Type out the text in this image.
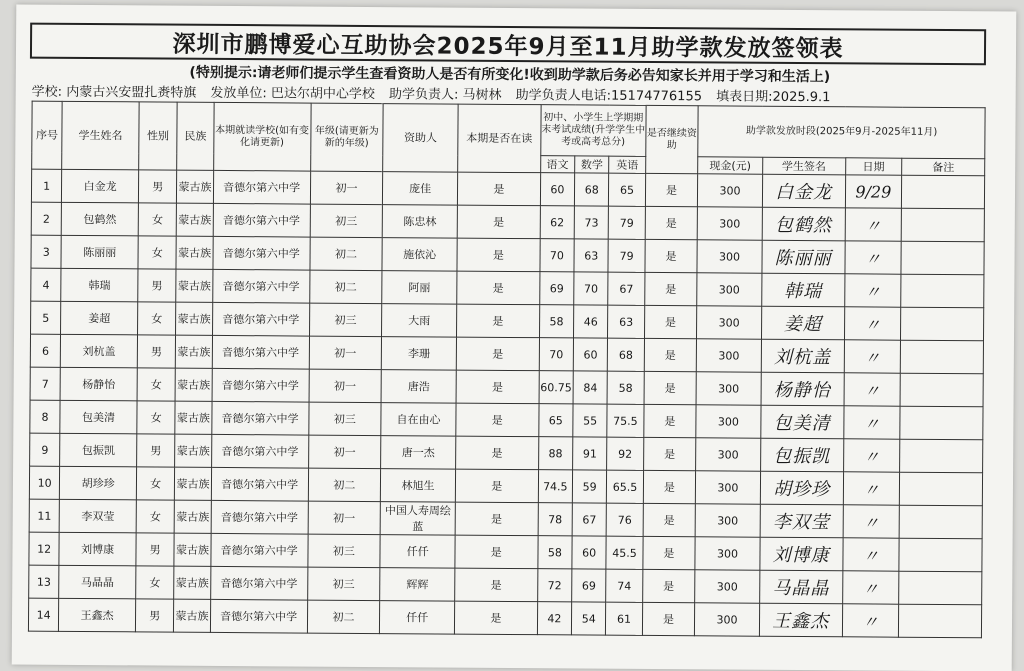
深圳市鹏博爱心互助协会2025年9月至11月助学款发放签领表
(特别提示:请老师们提示学生查看资助人是否有所变化!收到助学款后务必告知家长并用于学习和生活上)
学校: 内蒙古兴安盟扎赉特旗 发放单位: 巴达尔胡中心学校 助学负责人: 马树林 助学负责人电话:15174776155 填表日期:2025.9.1
序号	学生姓名	性别	民族	本期就读学校(如有变化请更新)	年级(请更新为新的年级)	资助人	本期是否在读	初中、小学生上学期期末考试成绩(升学学生中考或高考总分)			是否继续资助	助学款发放时段(2025年9月-2025年11月)			
								语文	数学	英语		现金(元)	学生签名	日期	备注
1	白金龙	男	蒙古族	音德尔第六中学	初一	庞佳	是	60	68	65	是	300	白金龙	9/29	
2	包鹤然	女	蒙古族	音德尔第六中学	初三	陈忠林	是	62	73	79	是	300	包鹤然	〃	
3	陈丽丽	女	蒙古族	音德尔第六中学	初二	施依沁	是	70	63	79	是	300	陈丽丽	〃	
4	韩瑞	男	蒙古族	音德尔第六中学	初二	阿丽	是	69	70	67	是	300	韩瑞	〃	
5	姜超	女	蒙古族	音德尔第六中学	初三	大雨	是	58	46	63	是	300	姜超	〃	
6	刘杭盖	男	蒙古族	音德尔第六中学	初一	李珊	是	70	60	68	是	300	刘杭盖	〃	
7	杨静怡	女	蒙古族	音德尔第六中学	初一	唐浩	是	60.75	84	58	是	300	杨静怡	〃	
8	包美清	女	蒙古族	音德尔第六中学	初三	自在由心	是	65	55	75.5	是	300	包美清	〃	
9	包振凯	男	蒙古族	音德尔第六中学	初一	唐一杰	是	88	91	92	是	300	包振凯	〃	
10	胡珍珍	女	蒙古族	音德尔第六中学	初二	林旭生	是	74.5	59	65.5	是	300	胡珍珍	〃	
11	李双莹	女	蒙古族	音德尔第六中学	初一	中国人寿周绘蓝	是	78	67	76	是	300	李双莹	〃	
12	刘博康	男	蒙古族	音德尔第六中学	初三	仟仟	是	58	60	45.5	是	300	刘博康	〃	
13	马晶晶	女	蒙古族	音德尔第六中学	初三	辉辉	是	72	69	74	是	300	马晶晶	〃	
14	王鑫杰	男	蒙古族	音德尔第六中学	初二	仟仟	是	42	54	61	是	300	王鑫杰	〃	
